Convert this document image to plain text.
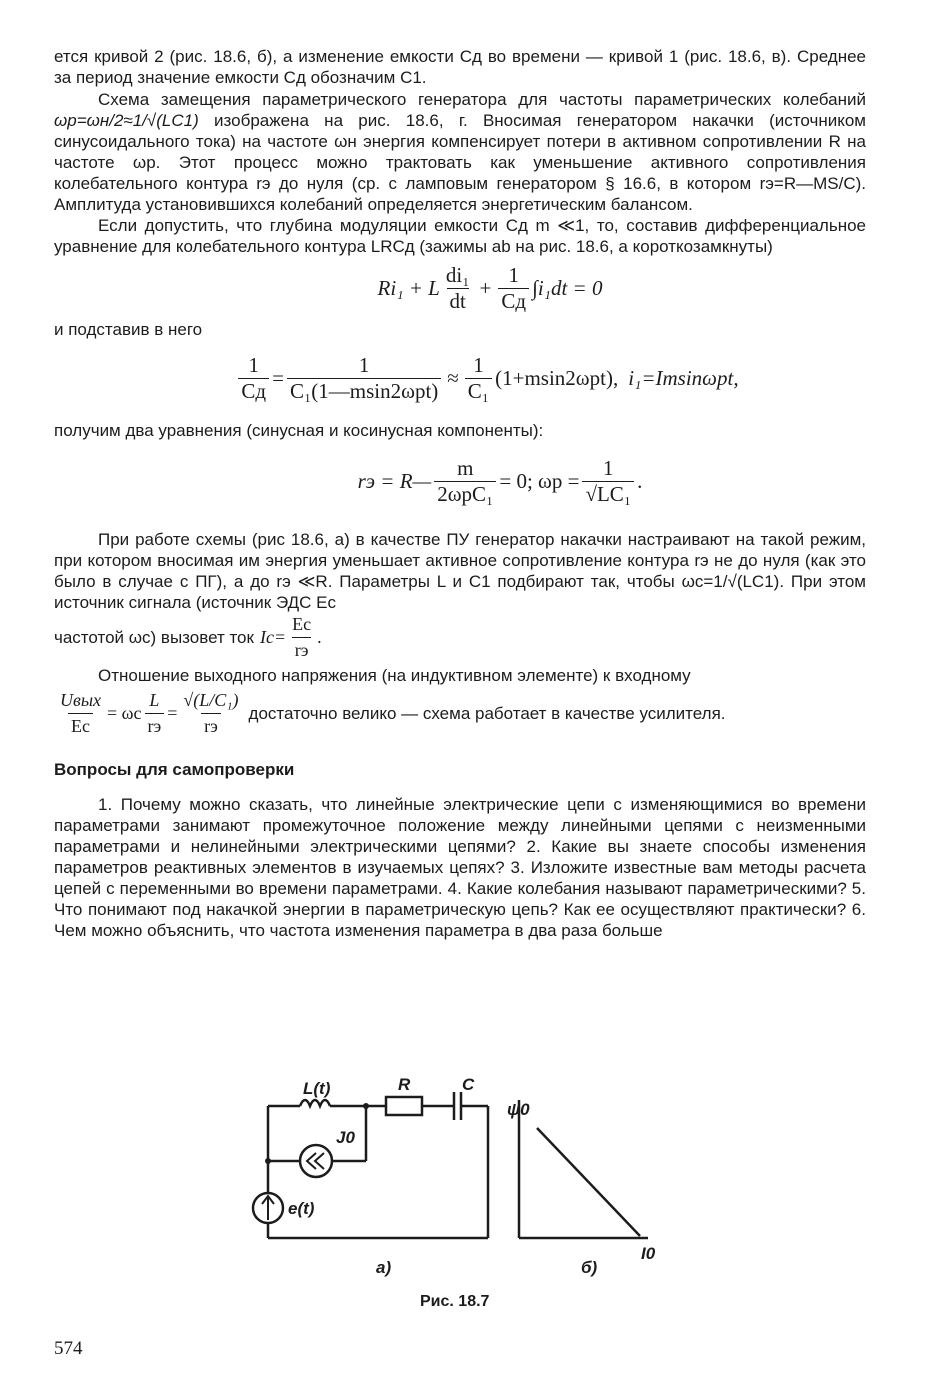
ется кривой 2 (рис. 18.6, б), а изменение емкости Cд во времени — кривой 1 (рис. 18.6, в). Среднее за период значение емкости Cд обозначим C1.

Схема замещения параметрического генератора для частоты параметрических колебаний ωр=ωн/2≈1/√(LC1) изображена на рис. 18.6, г. Вносимая генератором накачки (источником синусоидального тока) на частоте ωн энергия компенсирует потери в активном сопротивлении R на частоте ωр. Этот процесс можно трактовать как уменьшение активного сопротивления колебательного контура rэ до нуля (ср. с ламповым генератором § 16.6, в котором rэ=R—MS/C). Амплитуда установившихся колебаний определяется энергетическим балансом.

Если допустить, что глубина модуляции емкости Cд m ≪1, то, составив дифференциальное уравнение для колебательного контура LRCд (зажимы ab на рис. 18.6, а короткозамкнуты)

Ri₁ + L $\frac{\text{di₁}}{dt} + \frac{1}{Cд} \int i_1dt = 0$

и подставив в него

$\frac{1}{Cд} = \frac{1}{\text{C₁(1—msin2ωрt)}} \approx \frac{1}{\text{C₁}} (1+msin2\omega рt)$, i₁=Imsinωрt,

получим два уравнения (синусная и косинусная компоненты):

rэ = R— $\frac{m}{\text{2ωрC₁}} = 0$; $\omega р = \frac{1}{\text{√LC₁}}$ .

При работе схемы (рис 18.6, а) в качестве ПУ генератор накачки настраивают на такой режим, при котором вносимая им энергия уменьшает активное сопротивление контура rэ не до нуля (как это было в случае с ПГ), а до rэ ≪R. Параметры L и C1 подбирают так, чтобы ωc=1/√(LC1). При этом источник сигнала (источник ЭДС Ec

частотой ωc) вызовет ток $Ic= \frac{Ec}{rэ}$ .

Отношение выходного напряжения (на индуктивном элементе) к входному

$\frac{\text{Uвых}}{Ec} = \omega c \frac{L}{rэ} = \frac{\text{√(L/C₁)}}{rэ}$ достаточно велико — схема работает в качестве усилителя.

Вопросы для самопроверки

1. Почему можно сказать, что линейные электрические цепи с изменяющимися во времени параметрами занимают промежуточное положение между линейными цепями с неизменными параметрами и нелинейными электрическими цепями? 2. Какие вы знаете способы изменения параметров реактивных элементов в изучаемых цепях? 3. Изложите известные вам методы расчета цепей с переменными во времени параметрами. 4. Какие колебания называют параметрическими? 5. Что понимают под накачкой энергии в параметрическую цепь? Как ее осуществляют практически? 6. Чем можно объяснить, что частота изменения параметра в два раза больше

L(t)	R	C
J0
e(t)
ψ0
I0
а)	б)
Рис. 18.7
574
